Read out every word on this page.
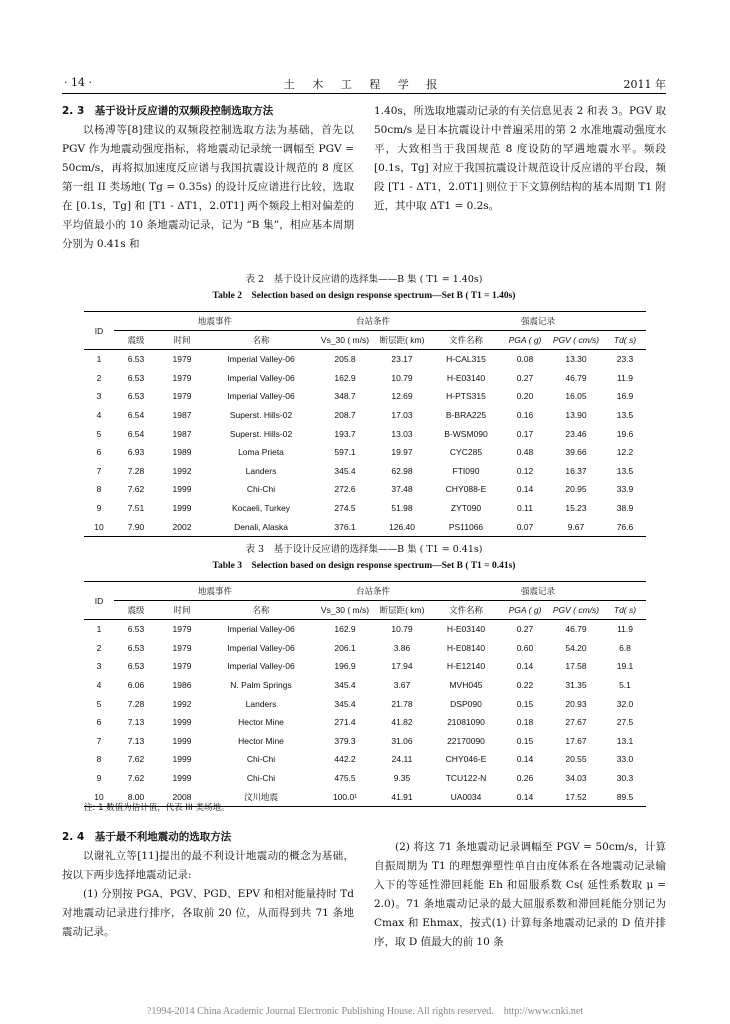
· 14 ·	土 木 工 程 学 报	2011 年

2. 3　基于设计反应谱的双频段控制选取方法

以杨溥等[8]建议的双频段控制选取方法为基础，首先以 PGV 作为地震动强度指标，将地震动记录统一调幅至 PGV = 50cm/s，再将拟加速度反应谱与我国抗震设计规范的 8 度区第一组 II 类场地( Tg = 0.35s) 的设计反应谱进行比较，选取在 [0.1s，Tg] 和 [T1 - ΔT1，2.0T1] 两个频段上相对偏差的平均值最小的 10 条地震动记录，记为 “B 集”，相应基本周期分别为 0.41s 和

1.40s，所选取地震动记录的有关信息见表 2 和表 3。PGV 取 50cm/s 是日本抗震设计中普遍采用的第 2 水准地震动强度水平，大致相当于我国规范 8 度设防的罕遇地震水平。频段 [0.1s，Tg] 对应于我国抗震设计规范设计反应谱的平台段，频段 [T1 - ΔT1，2.0T1] 则位于下文算例结构的基本周期 T1 附近，其中取 ΔT1 = 0.2s。

表 2　基于设计反应谱的选择集——B 集 ( T1 = 1.40s)
Table 2　Selection based on design response spectrum—Set B ( T1 = 1.40s)
ID	地震事件			台站条件		强震记录			
	震级	时间	名称	Vs_30 ( m/s)	断层距( km)	文件名称	PGA ( g)	PGV ( cm/s)	Td( s)
1	6.53	1979	Imperial Valley-06	205.8	23.17	H-CAL315	0.08	13.30	23.3
2	6.53	1979	Imperial Valley-06	162.9	10.79	H-E03140	0.27	46.79	11.9
3	6.53	1979	Imperial Valley-06	348.7	12.69	H-PTS315	0.20	16.05	16.9
4	6.54	1987	Superst. Hills-02	208.7	17.03	B-BRA225	0.16	13.90	13.5
5	6.54	1987	Superst. Hills-02	193.7	13.03	B-WSM090	0.17	23.46	19.6
6	6.93	1989	Loma Prieta	597.1	19.97	CYC285	0.48	39.66	12.2
7	7.28	1992	Landers	345.4	62.98	FTI090	0.12	16.37	13.5
8	7.62	1999	Chi-Chi	272.6	37.48	CHY088-E	0.14	20.95	33.9
9	7.51	1999	Kocaeli, Turkey	274.5	51.98	ZYT090	0.11	15.23	38.9
10	7.90	2002	Denali, Alaska	376.1	126.40	PS11066	0.07	9.67	76.6
表 3　基于设计反应谱的选择集——B 集 ( T1 = 0.41s)
Table 3　Selection based on design response spectrum—Set B ( T1 = 0.41s)
ID	地震事件			台站条件		强震记录			
	震级	时间	名称	Vs_30 ( m/s)	断层距( km)	文件名称	PGA ( g)	PGV ( cm/s)	Td( s)
1	6.53	1979	Imperial Valley-06	162.9	10.79	H-E03140	0.27	46.79	11.9
2	6.53	1979	Imperial Valley-06	206.1	3.86	H-E08140	0.60	54.20	6.8
3	6.53	1979	Imperial Valley-06	196.9	17.94	H-E12140	0.14	17.58	19.1
4	6.06	1986	N. Palm Springs	345.4	3.67	MVH045	0.22	31.35	5.1
5	7.28	1992	Landers	345.4	21.78	DSP090	0.15	20.93	32.0
6	7.13	1999	Hector Mine	271.4	41.82	21081090	0.18	27.67	27.5
7	7.13	1999	Hector Mine	379.3	31.06	22170090	0.15	17.67	13.1
8	7.62	1999	Chi-Chi	442.2	24.11	CHY046-E	0.14	20.55	33.0
9	7.62	1999	Chi-Chi	475.5	9.35	TCU122-N	0.26	34.03	30.3
10	8.00	2008	汶川地震	100.0¹	41.91	UA0034	0.14	17.52	89.5
注: 1 数值为估计值，代表 III 类场地。

2. 4　基于最不利地震动的选取方法

以谢礼立等[11]提出的最不利设计地震动的概念为基础，按以下两步选择地震动记录:

(1) 分别按 PGA、PGV、PGD、EPV 和相对能量持时 Td 对地震动记录进行排序，各取前 20 位，从而得到共 71 条地震动记录。

(2) 将这 71 条地震动记录调幅至 PGV = 50cm/s，计算自振周期为 T1 的理想弹塑性单自由度体系在各地震动记录输入下的等延性滞回耗能 Eh 和屈服系数 Cs( 延性系数取 μ = 2.0)。71 条地震动记录的最大屈服系数和滞回耗能分别记为 Cmax 和 Ehmax，按式(1) 计算每条地震动记录的 D 值并排序，取 D 值最大的前 10 条

?1994-2014 China Academic Journal Electronic Publishing House. All rights reserved.　http://www.cnki.net
